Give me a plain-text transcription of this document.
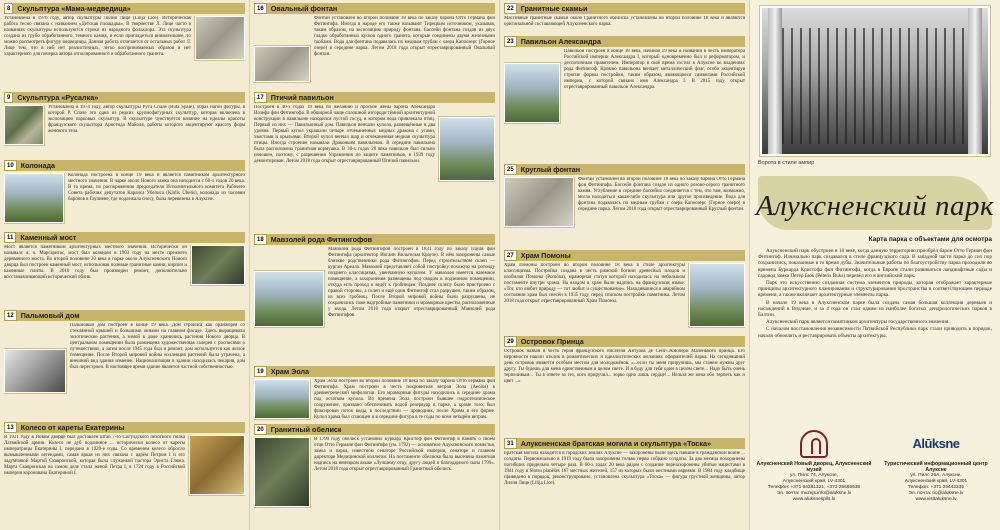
8 Скульптура «Мама-медведица»
Установлена в 1976 году, автор скульптуры Лилия Лице (Lilija Lice). Историческая работа тесно связана с названием «Детская площадка». В творчестве Л. Лице часто в названиях скульптуры используются строки из народного фольклора. Эта скульптура создана из грубо обработанного, темного камня, и если приглядеться внимательнее, то можно рассмотреть фигуру медведицы. Данная работа отличается от остальных работ Л. Лице тем, что в ней нет реалистичных, легко воспринимаемых образов и нет характерного для почерка автора отполированного и обработанного гранита.
9 Скульптура «Русалка»
Установлена в 1974 году, автор скульптуры Рута Спале (Ruta Spale), образ нагой фигуры, в которой Р. Спале это одна из редких крупнофигурных скульптур, которая включена в экспозицию парковых скульптур. В скульптуре чувствуется влияние на идеалы красоты французского скульптора Аристида Майоля, работы которого акцентируют красоту форм женского тела.
10 Колонада
Колонада построена в конце 19 века и является памятником архитектурного местного значения. В парке около Нового замка она находится с 60-х годов 20 века. В то время, по распоряжению председателя Исполнительного комитета Рабочего Совета рабочих депутатов Карлиса Убелиса (Kārlis Ūbelis), колонада из часовни баронов в Гаулиене, где подлежала сносу, была перевезена в Алуксне.
11 Каменный мост
Мост является памятником архитектурных местного значения. Исторически он называлс я, ч. Маргаритас, мост был возведен в 1903 году на месте прежнего деревянного моста. Во второй половине 20 века в парке около Алуксненского Нового дворца был построен каменный мост, использовав полевые гранитные камни, кирпич и каменные плиты. В 2010 году был произведен ремонт, дополнительно восстанавливающий исторический облик.
12 Пальмовый дом
Пальмовый дом построен в конце 19 века. Дом строился как оранжерея со стеклянной крышей и большими окнами на главном фасаде. Здесь выращивали экзотические растения, а зимой в доме хранились растения Нового дворца. В центральном помещении была размещена художественная галерея с росписями о путешествиях, а затем после 1945 года был и ремонт, дом используется как жилое помещение. После Второй мировой войны коллекция растений была утрачена, а внешний вид здания изменен. Национализация в здании находилась пекарня, дом был перестроен. В настоящее время здание является частной собственностью.
13 Колесо от кареты Екатерины
В 1921 году в Новом дворце был доставлен штаб 7-го Сигулдского пехотного полка Латвийской армии. Колесо не дуб подлинное ... исторически колесо от кареты императрицы Екатерины I, передано в 1920-е годы. Со временем колесо обросло вымышленными легендами, самая яркая из них связана с царём Петром I и его задумчивой Мартой Скавронской, которая была служанкой пастора Эрнста Глюка. Марта Скавронская на самом деле стала женой Петра I, в 1724 году в Российской империи коронована Екатериной I.
16 Овальный фонтан
Фонтан установлен во второй половине 18 века по заказу барона Отто Германа фон Фитингофа. Иногда в народе его также называют Тирецким источником, указывая, таким образом, на экспозицию природу фонтана. Бассейн фонтана создан из двух гладко обработанных кусков одного гранита, которые соединены двумя железными скобами. Вода для фонтана подавалась по медным трубам с озера Капоозерс (Горное озеро) в середине парка. Летом 2018 года открыт отреставрированный Овальный фонтан.
17 Птичий павильон
Построен в 40-х годах 19 века по желанию и просьбе жены барона Александра Иозефа фон Фитингофа. В обширной чаще сплошной изгороди тёмной архитектурной конструкции в павильоне находился пустой сосуд, в котором вода привлекала птиц. Первый из них — Павильонный дом. Павильон венчали купола, размещённые в два уровня. Первый купол украшали четыре отчеканенных медных дракона с усами, хвостами и крыльями. Второй купол венчал шар и отчеканенная медная скульптура птицы. Иногда строение называли Драконьим павильоном. В середине павильона была расположена гранитная кормушка. В 30-х годах 20 века павильон был сильно изношен, поэтому, с разрешения Управления по защите памятников, в 1939 году демонтирован. Летом 2018 года открыт отреставрированный Птичий павильон.
18 Мавзолей рода Фитингофов
Мавзолей рода Фитингофов построен в 1831 году по заказу Пауля фон Фитингофа (архитектор Иоганн Вильгельм Краузе). В нём захоронены самые близкие родственники рода Фитингофов. Перед строительством склеп — курган Ареала. Мавзолей представляет собой постройку похожую на ротонду позднего классицизма, увенчанную куполом. У мавзолея имеется наземное помещение, а захоронения размещены под сводом в подземном помещении, откуда есть проход и ведёт к гробницам. Позднее склепу было пристроено с правой стороны, а склеп и ещё один Фитингоф стал разрушен, таким образом, из всех гробниц. После Второй мировой войны были разрушены, не сохранились таже надгробные памятники и мраморные кресты, расположенные у входа. Летом 2018 года открыт отреставрированный Мавзолей рода Фитингофов.
19 Храм Эола
Храм Эола построен во второй половине 18 века по заказу барона Отто Германа фон Фитингофа. Храм построен в честь покровителя ветров Эола (Aeolus) в древнегреческой мифологии. Его мраморные фигуры находились в середине храма под остатком купола. Во времена Эола построен бывшее гидротехническое сооружение, призвано обеспечивать водой резервуар в парке, а кроме того, был фиксирован поток воды, в последствии — проводник, после Храма в его форме. Купол храма был сплющен и в середине фигура в те годы по всем четырём ветрам.
20 Гранитный обелиск
В 1799 году обелиск установил Буркард Кристоф фон Фитингоф в память о своём отце Отто Германе фон Фитингофе (ум. 1792) — основателе Алуксненского поместья, замка и парка, известном сенаторе Российской империи, сенаторе и главном директоре Медицинской коллегии. На постаменте обелиска была высечена памятная надпись на немецком языке «Лучшему отцу, другу людей и благодарного сына 1799». Летом 2018 года открыт отреставрированный Гранитный обелиск.
22 Гранитные скамьи
Массивные гранитные скамьи около Гранитного обелиска установлены во второй половине 18 века и являются оригинальной составляющей Алуксненского парка.
23 Павильон Александра
Павильон построен в конце 18 века, начиная 19 века в названии в честь императора Российской империи Александра I, который одновременно был и реформатором, и деспотичным правителем. Император в своё время гостил в Алуксне во владениях рода Фитингоф. Кровлю павильона венчает металлический флаг, особо акцентируя строгие формы постройки, таким образом, являющиеся символами Российской империи, с которой связано имя Александра I. В 2015 году открыт отреставрированный павильон Александра.
25 Круглый фонтан
Фонтан установлен во второй половине 18 века по заказу барона Отто Германа фон Фитингофа. Бассейн фонтана создан из одного розово-серого гранитного камня. Углубление в середине бассейна соединяется с тем, что там, возможно, могла находиться какая-либо скульптура или другое произведение. Вода для фонтана подавалась по медным трубам с озера Капоозерс (Горное озеро) в середине парка. Летом 2018 года открыт отреставрированный Круглый фонтан.
27 Храм Помоны
Храм Помоны построен во второй половине 18 века в стиле архитектуры классицизма. Постройка создана в честь римской богини древесных плодов и изобилия Помоны (Pomōna), мраморная статуя которой находилась на небольшом постаменте внутри храма. На входом в храм были надпись на французском языке: «Тот, кто любит природу — тот любит и существование». Находившиеся в аварийном состоянии храм был снесён в 1935 году, перед списком постройки памятника. Летом 2018 года открыт отреставрированный Храм Помоны.
29 Островок Принца
Островок назван в честь героя французского писателя Антуана де Сент-Экзюпери Маленького принца. Его неровности нашли отклик в романтических и идеалистических желаниях оформителей парка. На сегодняшний день островок является особым местом для молодожёнов. «...если ты меня приручишь, мы станем нужны друг другу. Ты будешь для меня единственным в целом свете. И я буду для тебя один в целом свете... Надо быть очень терпеливым... Ты в ответе за тех, кого приручил... зорко одно лишь сердце!... Нельзя же меча обо терпеть как и цвет ...»
31 Алуксненская братская могила и скульптура «Тоска»
Братская могила находится в городских землях Алуксне — захоронены были здесь павшие в гражданской войне ... солдаты. Первоначально в 1919 году были захоронены только перво собрано солдаты. За два месяца похоронены погибших придельно четыре раза. В 60-х годах 20 века рядом с создание перезахоронены убитые нацистами в 1941 году в Slotsu planēšes 167 местных жителей, 157 из которых были местными евреями. В 1984 году кладбище приведено в порядок, реконструировано, установлена скульптура «Тоска» — фигура грустной женщины, автор Лилия Лице (Lilija Lice).
Ворота в стиле ампир
Алуксненский парк
Карта парка с объектами для осмотра

Алуксненский парк обустроен в 18 веке, когда данную территорию приобрёл барон Отто Герман фон Фитингоф. Изначально парк создавался в стиле французского сада. В западной части парка до сих пор сохранились, показанные в то время дубы. Значительные работы по благоустройству парка проходили во времена Буркарда Кристофа фон Фитингофа, когда в Европе стали развиваться ландшафтные сады и садовод замка Петер Бюк (Pēteris Buks) перевёл его в английский парк.

Парк это искусственно созданная система элементов природы, которая отображает характерные принципы архитектурного планирования и структурирования пространства в соответствующем периоде времени, а также включает архитектурные элементы парка.

В начале 19 века в Алуксненском парке была создана самая большая коллекция деревьев и насаждений в Видземе, и за 4 года он стал одним из наиболее богатых дендрологических парков в Балтии.

Алуксненский парк является памятником архитектуры государственного значения.

С началом восстановления независимости Латвийской Республики парк стали приводить в порядок, начали обновлять и реставрировать объекты архитектуры.

Алуксненский Новый дворец, Алуксненский музей
ул. Пилс 74, Алуксне,
Алуксненский край, LV-4301
Телефон: +371 64381321; +371 25665538
Эл. почта: muzejs.info@aluksne.lv
www.aluksnespils.lv
Alūksne
Туристический информационный центр Алуксне
ул. Пилс 25А, Алуксне,
Алуксненский край, LV-4301
Телефон: +371 25442235
Эл. почта: tic@aluksne.lv
www.visitaluksne.lv
